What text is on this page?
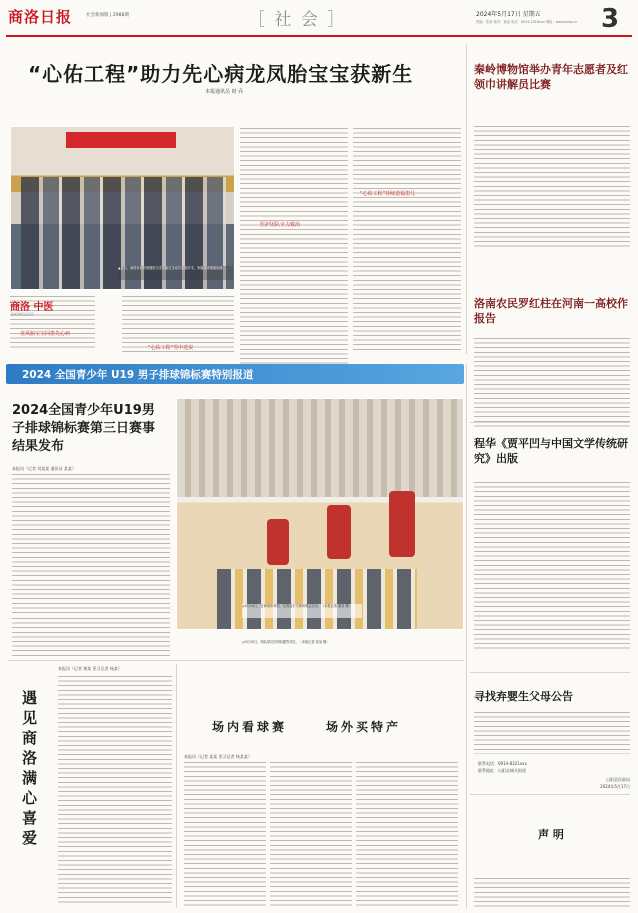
商洛日报	社会新闻版 | 2988期	［ 社 会 ］	2024年5月17日 星期五
责编：张某 校对：某某 电话：0914-2318xxx 网址：www.slrbs.cn 3
“心佑工程”助力先心病龙凤胎宝宝获新生
本报通讯员 时 乔
▲近日，商洛市妇幼保健院为龙凤胎宝宝成功实施手术，家属送来锦旗致谢。
龙凤胎宝宝同患先心病
“心佑工程”雪中送炭
医护团队全力救治
“心佑工程”持续造福患儿
商洛 中医
SHANGLUO
秦岭博物馆举办青年志愿者及红领巾讲解员比赛
洛南农民罗红柱在河南一高校作报告
程华《贾平凹与中国文学传统研究》出版
寻找弃婴生父母公告
联系电话：0914-8321xxx
联系地址：山阳县城关街道
山阳县民政局
2024年5月17日
声 明
2024 全国青少年 U19 男子排球锦标赛特别报道
2024全国青少年U19男子排球锦标赛第三日赛事结果发布
本报讯（记者 刘某某 通讯员 某某）
◎5月14日，在商洛体育馆，比赛选手与现场观众互动。（本报记者 谢某 摄）
◎5月15日，两队球员在网前激烈对抗。（本报记者 某某 摄）
遇见商洛满心喜爱
本报讯（记者 黄某 见习记者 杨某）
场内看球赛	场外买特产
本报讯（记者 某某 见习记者 杨某某）
